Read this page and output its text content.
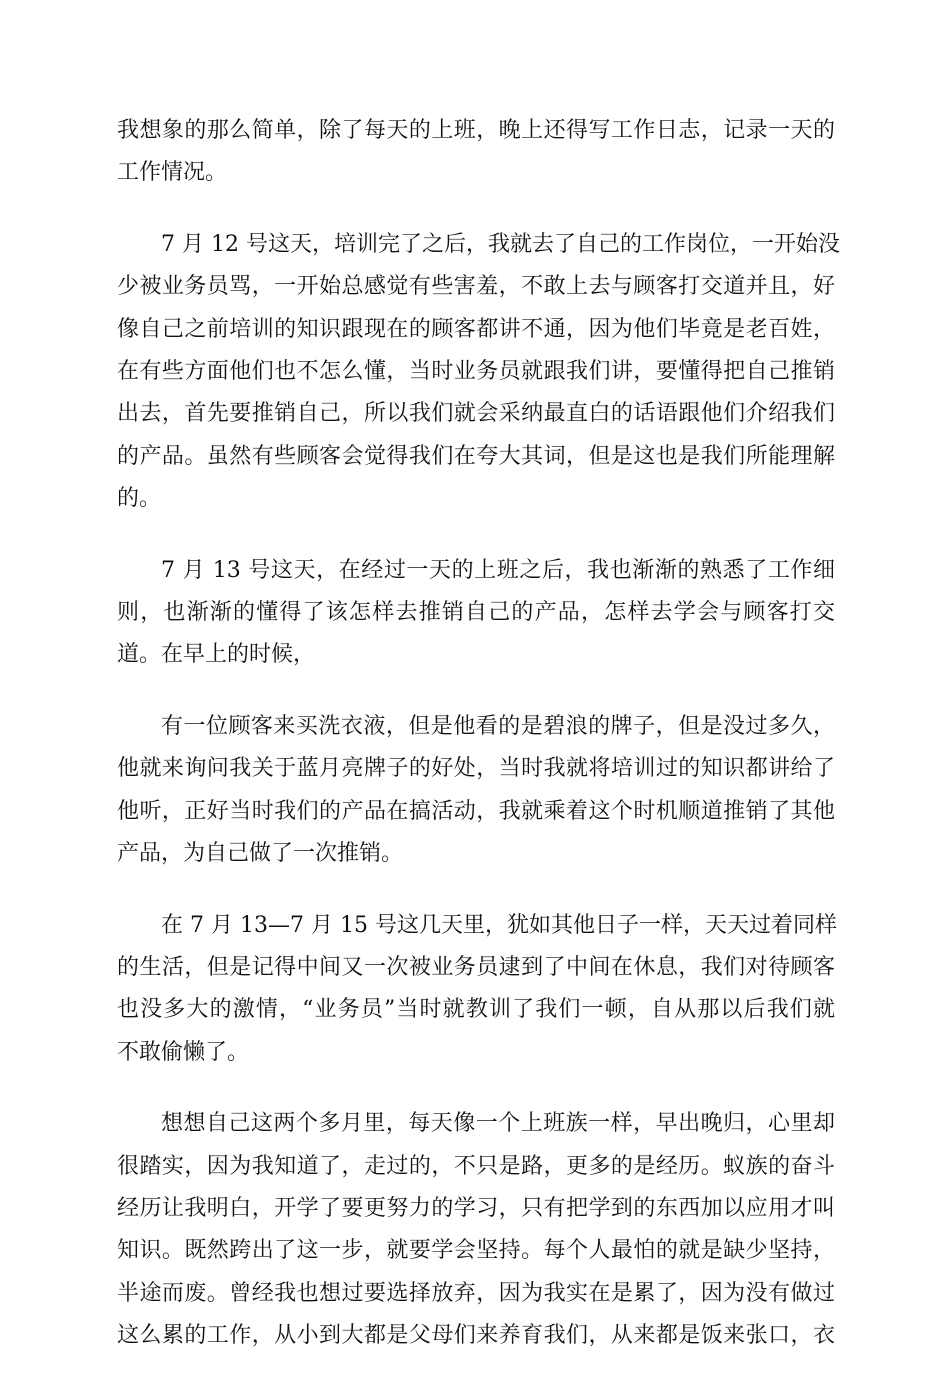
我想象的那么简单，除了每天的上班，晚上还得写工作日志，记录一天的
工作情况。

7 月 12 号这天，培训完了之后，我就去了自己的工作岗位，一开始没
少被业务员骂，一开始总感觉有些害羞，不敢上去与顾客打交道并且，好
像自己之前培训的知识跟现在的顾客都讲不通，因为他们毕竟是老百姓，
在有些方面他们也不怎么懂，当时业务员就跟我们讲，要懂得把自己推销
出去，首先要推销自己，所以我们就会采纳最直白的话语跟他们介绍我们
的产品。虽然有些顾客会觉得我们在夸大其词，但是这也是我们所能理解
的。

7 月 13 号这天，在经过一天的上班之后，我也渐渐的熟悉了工作细
则，也渐渐的懂得了该怎样去推销自己的产品，怎样去学会与顾客打交
道。在早上的时候，

有一位顾客来买洗衣液，但是他看的是碧浪的牌子，但是没过多久，
他就来询问我关于蓝月亮牌子的好处，当时我就将培训过的知识都讲给了
他听，正好当时我们的产品在搞活动，我就乘着这个时机顺道推销了其他
产品，为自己做了一次推销。

在 7 月 13—7 月 15 号这几天里，犹如其他日子一样，天天过着同样
的生活，但是记得中间又一次被业务员逮到了中间在休息，我们对待顾客
也没多大的激情，“业务员”当时就教训了我们一顿，自从那以后我们就
不敢偷懒了。

想想自己这两个多月里，每天像一个上班族一样，早出晚归，心里却
很踏实，因为我知道了，走过的，不只是路，更多的是经历。蚁族的奋斗
经历让我明白，开学了要更努力的学习，只有把学到的东西加以应用才叫
知识。既然跨出了这一步，就要学会坚持。每个人最怕的就是缺少坚持，
半途而废。曾经我也想过要选择放弃，因为我实在是累了，因为没有做过
这么累的工作，从小到大都是父母们来养育我们，从来都是饭来张口，衣
